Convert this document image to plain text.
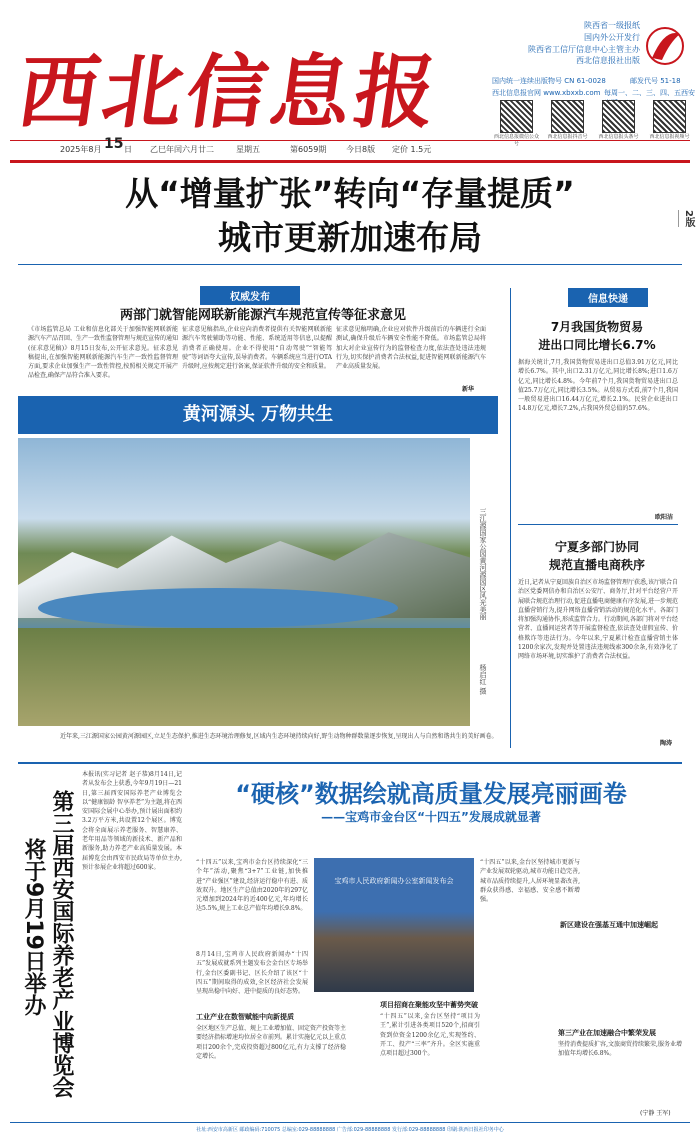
西北信息报
陕西省一级报纸
国内外公开发行
陕西省工信厅信息中心主管主办
西北信息报社出版
国内统一连续出版物号 CN 61-0028	邮发代号 51-18
西北信息报官网 www.xbxxb.com 每周一、二、三、四、五西安
西北信息报微信公众号
西北信息报抖音号	西北信息报头条号	西北信息报视频号
2025年8月 15 日 乙巳年闰六月廿二	星期五	第6059期 今日8版 定价 1.5元
2版
从“增量扩张”转向“存量提质”
城市更新加速布局
权威发布
两部门就智能网联新能源汽车规范宣传等征求意见
《市场监管总局 工业和信息化部关于加强智能网联新能源汽车产品召回、生产一致性监督管理与规范宣传的通知(征求意见稿)》8月15日发布,公开征求意见。征求意见稿提出,在加强智能网联新能源汽车生产一致性监督管理方面,要求企业加强生产一致性管控,按照相关规定开展产品检查,确保产品符合准入要求。
征求意见稿指出,企业应向消费者提供有关智能网联新能源汽车驾驶辅助等功能、性能、系统适用等信息,以提醒消费者正确使用。企业不得使用“自动驾驶”“智能驾驶”等词语夸大宣传,误导消费者。车辆系统应当进行OTA升级时,应按规定进行备案,保证软件升级的安全和质量。
征求意见稿明确,企业应对软件升级前后的车辆进行全面测试,确保升级后车辆安全性能不降低。市场监管总局将加大对企业宣传行为的监督检查力度,依法查处违法违规行为,切实保护消费者合法权益,促进智能网联新能源汽车产业高质量发展。
新华
黄河源头 万物共生
三江源国家公园黄河源园区风光美丽
杨启红 摄
近年来,三江源国家公园黄河源园区,立足生态保护,推进生态环境治理修复,区域内生态环境持续向好,野生动物种群数量逐步恢复,呈现出人与自然和谐共生的美好画卷。
信息快递
7月我国货物贸易
进出口同比增长6.7%
据海关统计,7月,我国货物贸易进出口总值3.91万亿元,同比增长6.7%。其中,出口2.31万亿元,同比增长8%;进口1.6万亿元,同比增长4.8%。今年前7个月,我国货物贸易进出口总值25.7万亿元,同比增长3.5%。从贸易方式看,前7个月,我国一般贸易进出口16.44万亿元,增长2.1%。民营企业进出口14.8万亿元,增长7.2%,占我国外贸总值的57.6%。
欧阳洁
宁夏多部门协同
规范直播电商秩序
近日,记者从宁夏回族自治区市场监督管理厅获悉,该厅联合自治区党委网信办和自治区公安厅、商务厅,针对平台经营户开展联合规范治理行动,促进直播电商健康有序发展,进一步规范直播营销行为,提升网络直播营销活动的规范化水平。各部门将加强沟通协作,形成监管合力。行动期间,各部门将对平台经营者、直播间运营者等开展监督检查,依法查处虚假宣传、价格欺诈等违法行为。今年以来,宁夏累计检查直播营销主体1200余家次,发现并处置违法违规线索300余条,有效净化了网络市场环境,切实维护了消费者合法权益。
陶涛
第三届西安国际养老产业博览会
将于9月19日举办
本报讯(实习记者 赵子恭)8月14日,记者从发布会上获悉,今年9月19日—21日,第三届西安国际养老产业博览会以“健康银龄 智享养老”为主题,将在西安国际会展中心举办,预计展出面积约3.2万平方米,共设置12个展区。博览会将全面展示养老服务、智慧康养、老年用品等领域的新技术、新产品和新服务,助力养老产业高质量发展。本届博览会由西安市民政局等单位主办,预计参展企业将超过600家。
“硬核”数据绘就高质量发展亮丽画卷
——宝鸡市金台区“十四五”发展成就显著
“十四五”以来,宝鸡市金台区持续深化“三个年”活动,聚焦“3+7”工业链,加快推进“产业强区”建设,经济运行稳中有进、质效双升。地区生产总值由2020年的297亿元增加到2024年的近400亿元,年均增长达5.5%,规上工业总产值年均增长9.8%。
8月14日,宝鸡市人民政府新闻办“十四五”发展成就系列主题发布会金台区专场举行,金台区委副书记、区长介绍了该区“十四五”期间取得的成效,全区经济社会发展呈现出稳中向好、进中提质的良好态势。
工业产业在数智赋能中向新提质
全区地区生产总值、规上工业增加值、固定资产投资等主要经济指标增速均位居全市前列。累计实施亿元以上重点项目200余个,完成投资超过800亿元,有力支撑了经济稳定增长。
宝鸡市人民政府新闻办公室新闻发布会
项目招商在聚能攻坚中蓄势突破
“十四五”以来,金台区坚持“项目为王”,累计引进各类项目520个,招商引资到位资金1200余亿元,实现签约、开工、投产“三率”齐升。全区实施重点项目超过300个。
“十四五”以来,金台区坚持城市更新与产业发展双轮驱动,城市功能日趋完善,城市品质持续提升,人居环境显著改善,群众获得感、幸福感、安全感不断增强。
新区建设在强基互通中加速崛起
第三产业在加速融合中繁荣发展
坚持消费提质扩容,文旅商贸持续繁荣,服务业增加值年均增长6.8%。
(宁静 王军)
社址:西安市高新区 邮政编码:710075 总编室:029-88888888 广告部:029-88888888 发行部:029-88888888 印刷:陕西日报社印务中心
